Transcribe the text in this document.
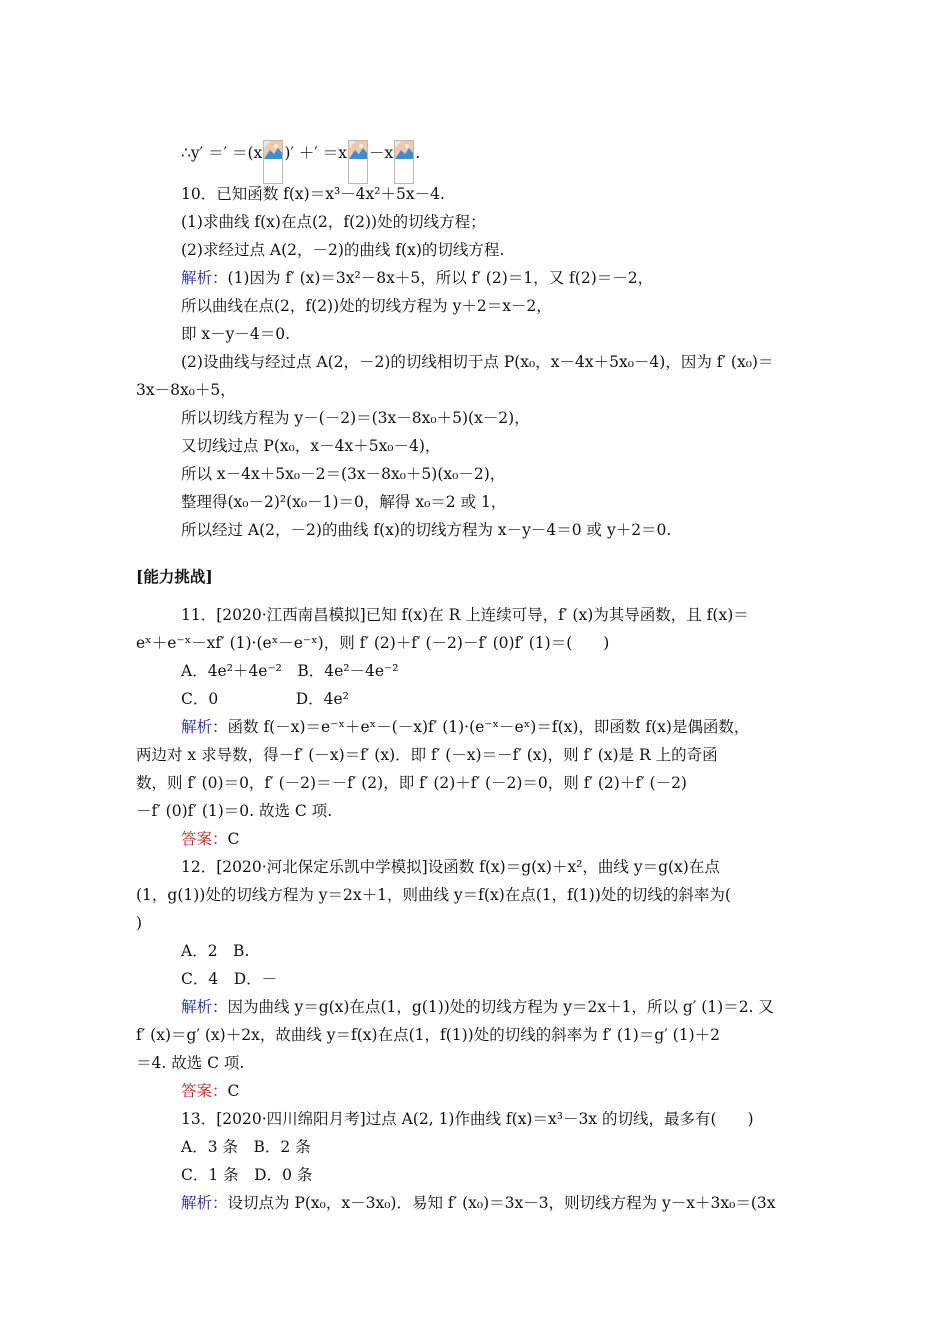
∴y′ ＝′ ＝(x )′ ＋′ ＝x －x .
10．已知函数 f(x)＝x³－4x²＋5x－4.
(1)求曲线 f(x)在点(2，f(2))处的切线方程；
(2)求经过点 A(2，－2)的曲线 f(x)的切线方程.
解析：(1)因为 f′ (x)＝3x²－8x＋5，所以 f′ (2)＝1，又 f(2)＝－2，
所以曲线在点(2，f(2))处的切线方程为 y＋2＝x－2，
即 x－y－4＝0.
(2)设曲线与经过点 A(2，－2)的切线相切于点 P(x₀，x－4x＋5x₀－4)，因为 f′ (x₀)＝
3x－8x₀＋5，
所以切线方程为 y－(－2)＝(3x－8x₀＋5)(x－2)，
又切线过点 P(x₀，x－4x＋5x₀－4)，
所以 x－4x＋5x₀－2＝(3x－8x₀＋5)(x₀－2)，
整理得(x₀－2)²(x₀－1)＝0，解得 x₀＝2 或 1，
所以经过 A(2，－2)的曲线 f(x)的切线方程为 x－y－4＝0 或 y＋2＝0.
[能力挑战]
11．[2020·江西南昌模拟]已知 f(x)在 R 上连续可导，f′ (x)为其导函数，且 f(x)＝
eˣ＋e⁻ˣ－xf′ (1)·(eˣ－e⁻ˣ)，则 f′ (2)＋f′ (－2)－f′ (0)f′ (1)＝(　　)
A．4e²＋4e⁻²　B．4e²－4e⁻²
C．0　　　　　D．4e²
解析：函数 f(－x)＝e⁻ˣ＋eˣ－(－x)f′ (1)·(e⁻ˣ－eˣ)＝f(x)，即函数 f(x)是偶函数，
两边对 x 求导数，得－f′ (－x)＝f′ (x)．即 f′ (－x)＝－f′ (x)，则 f′ (x)是 R 上的奇函
数，则 f′ (0)＝0，f′ (－2)＝－f′ (2)，即 f′ (2)＋f′ (－2)＝0，则 f′ (2)＋f′ (－2)
－f′ (0)f′ (1)＝0. 故选 C 项.
答案：C
12．[2020·河北保定乐凯中学模拟]设函数 f(x)＝g(x)＋x²，曲线 y＝g(x)在点
(1，g(1))处的切线方程为 y＝2x＋1，则曲线 y＝f(x)在点(1，f(1))处的切线的斜率为(
)
A．2　B.
C．4　D．－
解析：因为曲线 y＝g(x)在点(1，g(1))处的切线方程为 y＝2x＋1，所以 g′ (1)＝2. 又
f′ (x)＝g′ (x)＋2x，故曲线 y＝f(x)在点(1，f(1))处的切线的斜率为 f′ (1)＝g′ (1)＋2
＝4. 故选 C 项.
答案：C
13．[2020·四川绵阳月考]过点 A(2, 1)作曲线 f(x)＝x³－3x 的切线，最多有(　　)
A．3 条　B．2 条
C．1 条　D．0 条
解析：设切点为 P(x₀，x－3x₀)．易知 f′ (x₀)＝3x－3，则切线方程为 y－x＋3x₀＝(3x
